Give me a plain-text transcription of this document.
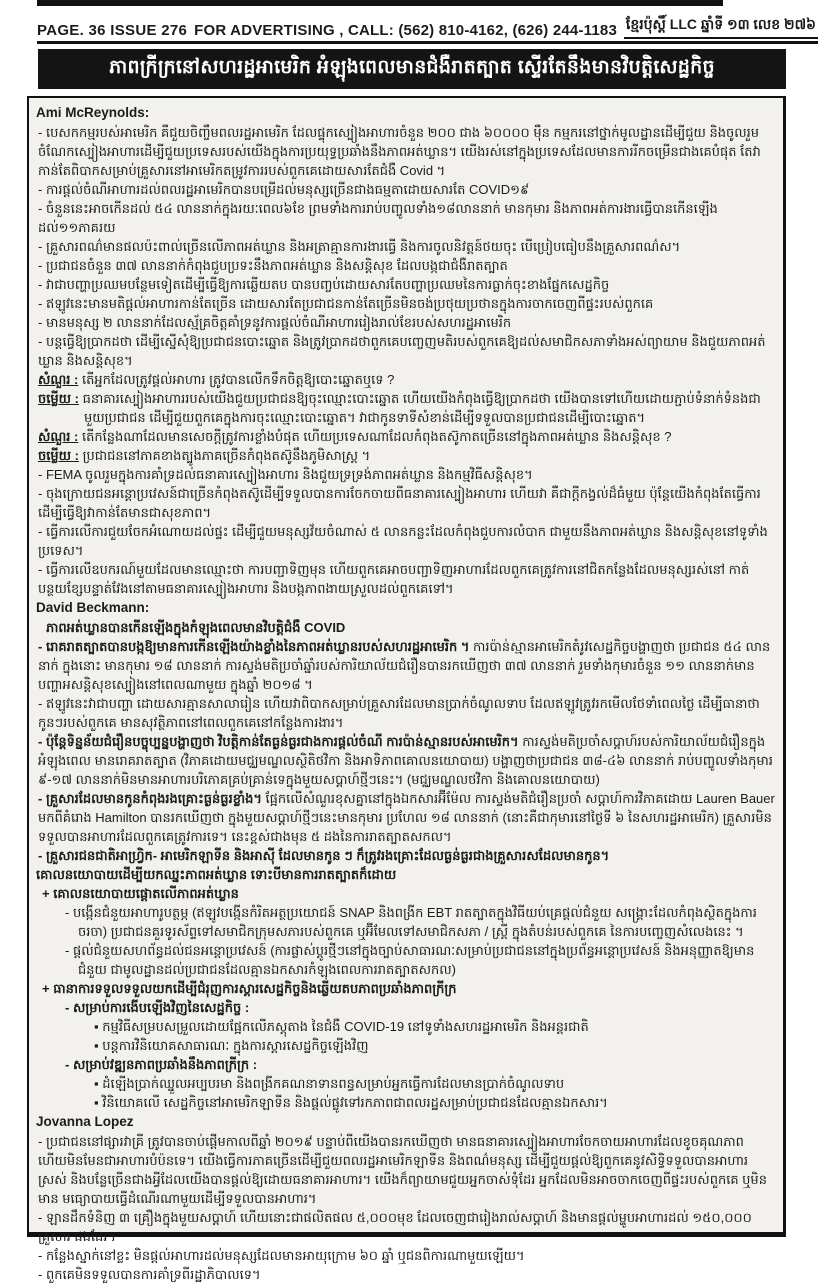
PAGE. 36 ISSUE 276 FOR ADVERTISING , CALL: (562) 810-4162, (626) 244-1183 ខ្មែរប៉ុស្តិ៍ LLC ឆ្នាំទី ១៣ លេខ ២៧៦
ភាពក្រីក្រនៅសហរដ្ឋអាមេរិក អំឡុងពេលមានជំងឺរាតត្បាត ស្ទើរតែនឹងមានវិបត្តិសេដ្ឋកិច្ច

Ami McReynolds:

- បេសកកម្មរបស់អាមេរិក គឺជួយចិញ្ចឹមពលរដ្ឋអាមេរិក ដែលផ្ទុកស្បៀងអាហារចំនួន ២០០ ជាង ៦០០០០ ម៉ឺន កម្មករនៅថ្នាក់មូលដ្ឋានដើម្បីជួយ និងចូលរួមចំណែកស្បៀងអាហារដើម្បីជួយប្រទេសរបស់យើងក្នុងការប្រយុទ្ធប្រឆាំងនឹងភាពអត់ឃ្លាន។ យើងរស់នៅក្នុងប្រទេសដែលមានការរីកចម្រើនជាងគេបំផុត តែវាកាន់តែពិបាកសម្រាប់គ្រួសារនៅអាមេរិកតម្រូវការរបស់ពួកគេដោយសារតែជំងឺ Covid ។

- ការផ្តល់ចំណីអាហារដល់ពលរដ្ឋអាមេរិកបានបម្រើដល់មនុស្សច្រើនជាងធម្មតាដោយសារតែ COVID១៩

- ចំនួននេះអាចកើនដល់ ៥៤ លាននាក់ក្នុងរយៈពេល៦ខែ ព្រមទាំងការរាប់បញ្ចូលទាំង១៨លាននាក់ មានកុមារ និងភាពអត់ការងារធ្វើបានកើនឡើងដល់១១ភាគរយ

- គ្រួសារពណ៌មានផលប៉ះពាល់ច្រើនលើភាពអត់ឃ្លាន និងអត្រាគ្មានការងារធ្វើ និងការចូលនិវត្តន៍ថយចុះ បើប្រៀបធៀបនឹងគ្រួសារពណ៌ស។

- ប្រជាជនចំនួន ៣៧ លាននាក់កំពុងជួបប្រទះនឹងភាពអត់ឃ្លាន និងសន្តិសុខ ដែលបង្កជាជំងឺរាតត្បាត

- វាជាបញ្ហាប្រឈមបន្ថែមទៀតដើម្បីធ្វើឱ្យការឆ្លើយតប បានបញ្ចប់ដោយសារតែបញ្ហាប្រឈមនៃការធ្លាក់ចុះខាងផ្នែកសេដ្ឋកិច្ច

- ឥឡូវនេះមានមតិផ្តល់អាហារកាន់តែច្រើន ដោយសារតែប្រជាជនកាន់តែច្រើនមិនចង់ប្រថុយប្រថានក្នុងការចាកចេញពីផ្ទះរបស់ពួកគេ

- មានមនុស្ស ២ លាននាក់ដែលស្ម័គ្រចិត្តគាំទ្រនូវការផ្តល់ចំណីអាហាររៀងរាល់ខែរបស់សហរដ្ឋអាមេរិក

- បន្តធ្វើឱ្យប្រាកដថា ដើម្បីស្នើសុំឱ្យប្រជាជនបោះឆ្នោត និងត្រូវប្រាកដថាពួកគេបញ្ចេញមតិរបស់ពួកគេឱ្យដល់សមាជិកសភាទាំងអស់ព្យាយាម និងជួយភាពអត់ឃ្លាន និងសន្តិសុខ។

សំណួរ : តើអ្នកដែលត្រូវផ្តល់អាហារ ត្រូវបានលើកទឹកចិត្តឱ្យបោះឆ្នោតឬទេ ?

ចម្លើយ : ធនាគារស្បៀងអាហាររបស់យើងជួយប្រជាជនឱ្យចុះឈ្មោះបោះឆ្នោត ហើយយើងកំពុងធ្វើឱ្យប្រាកដថា យើងបានទៅហើយដោយភ្ជាប់ទំនាក់ទំនងជាមួយប្រជាជន ដើម្បីជួយពួកគេក្នុងការចុះឈ្មោះបោះឆ្នោត។ វាជាកូនទាទីសំខាន់ដើម្បីទទួលបានប្រជាជនដើម្បីបោះឆ្នោត។

សំណួរ : តើកន្លែងណាដែលមានសេចក្តីត្រូវការខ្លាំងបំផុត ហើយប្រទេសណាដែលកំពុងតស៊ូកាតច្រើននៅក្នុងភាពអត់ឃ្លាន និងសន្តិសុខ ?

ចម្លើយ : ប្រជាជននៅភាគខាងត្បូងភាគច្រើនកំពុងតស៊ូនឹងភូមិសាស្ត្រ ។

- FEMA ចូលរួមក្នុងការគាំទ្រដល់ធនាគារស្បៀងអាហារ និងជួយទ្រទ្រង់ភាពអត់ឃ្លាន និងកម្មវិធីសន្តិសុខ។

- ចុងក្រោយជនអន្តោប្រវេសន៍ជាច្រើនកំពុងតស៊ូដើម្បីទទួលបានការចែកចាយពីធនាគារស្បៀងអាហារ ហើយវា គឺជាក្តីកង្វល់ដ៏ធំមួយ ប៉ុន្តែយើងកំពុងតែធ្វើការ ដើម្បីធ្វើឱ្យវាកាន់តែមានជាសុខភាព។

- ធ្វើការលើការជួយចែកអំណោយដល់ផ្ទះ ដើម្បីជួយមនុស្សវ័យចំណាស់ ៥ លានកន្លះដែលកំពុងជួបការលំបាក ជាមួយនឹងភាពអត់ឃ្លាន និងសន្តិសុខនៅទូទាំងប្រទេស។

- ធ្វើការលើឧបករណ៍មួយដែលមានឈ្មោះថា ការបញ្ជាទិញមុន ហើយពួកគេអាចបញ្ជាទិញអាហារដែលពួកគេត្រូវការនៅជិតកន្លែងដែលមនុស្សរស់នៅ កាត់បន្ថយខ្សែបន្ទាត់វែងនៅតាមធនាគារស្បៀងអាហារ និងបង្កភាពងាយស្រួលដល់ពួកគេទៅ។

David Beckmann:

ភាពអត់ឃ្លានបានកើនឡើងក្នុងកំឡុងពេលមានវិបត្តិជំងឺ COVID

- រោគរាតត្បាតបានបង្កឱ្យមានការកើនឡើងយ៉ាងខ្លាំងនៃភាពអត់ឃ្លានរបស់សហរដ្ឋអាមេរិក ។ ការប៉ាន់ស្មានអាមេរិកតំរូវសេដ្ឋកិច្ចបង្ហាញថា ប្រជាជន ៥៤ លាននាក់ ក្នុងនោះ មានកុមារ ១៨ លាននាក់ ការស្ទង់មតិប្រចាំឆ្នាំរបស់ការិយាល័យជំរឿនបានរកឃើញថា ៣៧ លាននាក់ រួមទាំងកុមារចំនួន ១១ លាននាក់មានបញ្ហាអសន្តិសុខស្បៀងនៅពេលណាមួយ ក្នុងឆ្នាំ ២០១៨ ។

- ឥឡូវនេះវាជាបញ្ហា ដោយសារគ្មានសាលារៀន ហើយវាពិបាកសម្រាប់គ្រួសារដែលមានប្រាក់ចំណូលទាប ដែលឥឡូវត្រូវរកមើលថែទាំពេលថ្ងៃ ដើម្បីធានាថាកូនៗរបស់ពួកគេ មានសុវត្ថិភាពនៅពេលពួកគេនៅកន្លែងការងារ។

- ប៉ុន្តែទិន្នន័យជំរឿនបច្ចុប្បន្នបង្ហាញថា វិបត្តិកាន់តែធ្ងន់ធ្ងរជាងការផ្តល់ចំណី ការប៉ាន់ស្មានរបស់អាមេរិក។ ការស្ទង់មតិប្រចាំសប្តាហ៍របស់ការិយាល័យជំរឿនក្នុងអំឡុងពេល មានរោគរាតត្បាត (វិភាគដោយមជ្ឈមណ្ឌលស្ថិតិថវិកា និងអាទិភាពគោលនយោបាយ) បង្ហាញថាប្រជាជន ៣៨-៤៦ លាននាក់ រាប់បញ្ចូលទាំងកុមារ ៩-១៧ លាននាក់មិនមានអាហារបរិភោគគ្រប់គ្រាន់ទេក្នុងមួយសប្តាហ៍ថ្មីៗនេះ។ (មជ្ឈមណ្ឌលថវិកា និងគោលនយោបាយ)

- គ្រួសារដែលមានកូនកំពុងរងគ្រោះធ្ងន់ធ្ងរខ្លាំង។ ផ្អែកលើសំណួរខុសគ្នានៅក្នុងឯកសារអ៊ីម៉ែល ការស្ទង់មតិជំរឿនប្រចាំ សប្តាហ៍ការវិភាគដោយ Lauren Bauer មកពីគំរោង Hamilton បានរកឃើញថា ក្នុងមួយសប្តាហ៍ថ្មីៗនេះមានកុមារ ប្រហែល ១៨ លាននាក់ (នោះគឺជាកុមារនៅថ្ងៃទី ៦ នៃសហរដ្ឋអាមេរិក) គ្រួសារមិន ទទួលបានអាហារដែលពួកគេត្រូវការទេ។ នេះខ្ពស់ជាងមុន ៥ ដងនៃការរាតត្បាតសកល។

- គ្រួសារជនជាតិអាហ្រ្វិក- អាមេរិកឡាទីន និងអាស៊ី ដែលមានកូន ៗ ក៏ត្រូវរងគ្រោះដែលធ្ងន់ធ្ងរជាងគ្រួសារសដែលមានកូន។

គោលនយោបាយដើម្បីយកឈ្នះភាពអត់ឃ្លាន ទោះបីមានការរាតត្បាតក៏ដោយ

+ គោលនយោបាយផ្តោតលើភាពអត់ឃ្លាន

- បង្កើនជំនួយអាហារូបត្ថម្ភ (ឥឡូវបង្កើនកំរិតអត្ថប្រយោជន៍ SNAP និងពង្រីក EBT រាតត្បាតក្នុងវិធីយប់គ្រេផ្តល់ជំនួយ សង្គ្រោះដែលកំពុងស្ថិតក្នុងការចរចា) ប្រជាជនគួរទូរស័ព្ទទៅសមាជិកក្រុមសភារបស់ពួកគេ ឬអ៊ីមែលទៅសមាជិកសភា / ស្រ្តី ក្នុងតំបន់របស់ពួកគេ នៃការបញ្ចេញសំលេងនេះ ។

- ផ្តល់ជំនួយសហព័ន្ធដល់ជនអន្តោប្រវេសន៍ (ការផ្លាស់ប្តូរថ្មីៗនៅក្នុងច្បាប់សាធារណៈសម្រាប់ប្រជាជននៅក្នុងប្រព័ន្ធអន្តោប្រវេសន៍ និងអនុញ្ញាតឱ្យមានជំនួយ ជាមូលដ្ឋានដល់ប្រជាជនដែលគ្មានឯកសារកំឡុងពេលការរាតត្បាតសកល)

+ ធានាការទទួលទទួលយកដើម្បីជំរុញការស្តារសេដ្ឋកិច្ចនិងឆ្លើយតបភាពប្រឆាំងភាពក្រីក្រ

- សម្រាប់ការងើបឡើងវិញនៃសេដ្ឋកិច្ច :

▪ កម្មវិធីសម្របសម្រួលដោយផ្អែកលើភស្តុតាង នៃជំងឺ COVID-19 នៅទូទាំងសហរដ្ឋអាមេរិក និងអន្តរជាតិ

▪ បន្តការវិនិយោគសាធារណៈ ក្នុងការស្តារសេដ្ឋកិច្ចឡើងវិញ

- សម្រាប់វឌ្ឍនភាពប្រឆាំងនឹងភាពក្រីក្រ :

▪ ដំឡើងប្រាក់ឈ្នួលអប្បបរមា និងពង្រីកគណនាទានពន្ធសម្រាប់អ្នកធ្វើការដែលមានប្រាក់ចំណូលទាប

▪ វិនិយោគលើ សេដ្ឋកិច្ចនៅអាមេរិកឡាទីន និងផ្តល់ផ្លូវទៅរកភាពជាពលរដ្ឋសម្រាប់ប្រជាជនដែលគ្មានឯកសារ។

Jovanna Lopez

- ប្រជាជននៅផ្សារវាគ្រី ត្រូវបានចាប់ផ្តើមកាលពីឆ្នាំ ២០១៩ បន្ទាប់ពីយើងបានរកឃើញថា មានធនាគារស្បៀងអាហារចែកចាយអាហារដែលខូចគុណភាព ហើយមិនមែនជាអាហារបំប៉នទេ។ យើងធ្វើការភាគច្រើនដើម្បីជួយពលរដ្ឋអាមេរិកឡាទីន និងពណ៌មនុស្ស ដើម្បីជួយផ្តល់ឱ្យពួកគេនូវសិទ្ធិទទួលបានអាហារស្រស់ និងបន្លែច្រើនជាងអ្វីដែលយើងបានផ្តល់ឱ្យដោយធនាគារអាហារ។ យើងក៏ព្យាយាមជួយអ្នកចាស់ទុំដែរ អ្នកដែលមិនអាចចាកចេញពីផ្ទះរបស់ពួកគេ ឬមិនមាន មធ្យោបាយធ្វើដំណើរណាមួយដើម្បីទទួលបានអាហារ។

- ឡានដឹកទំនិញ ៣ គ្រឿងក្នុងមួយសប្តាហ៍ ហើយនោះជាផលិតផល ៥,០០០មុខ ដែលចេញជារៀងរាល់សប្តាហ៍ និងមានផ្តល់ម្ហូបអាហារដល់ ១៥០,០០០ គ្រួសារ ផងដែរ។

- កន្លែងស្នាក់នៅខ្លះ មិនផ្តល់អាហារដល់មនុស្សដែលមានអាយុក្រោម ៦០ ឆ្នាំ ឬជនពិការណាមួយឡើយ។

- ពួកគេមិនទទួលបានការគាំទ្រពីរដ្ឋាភិបាលទេ។
